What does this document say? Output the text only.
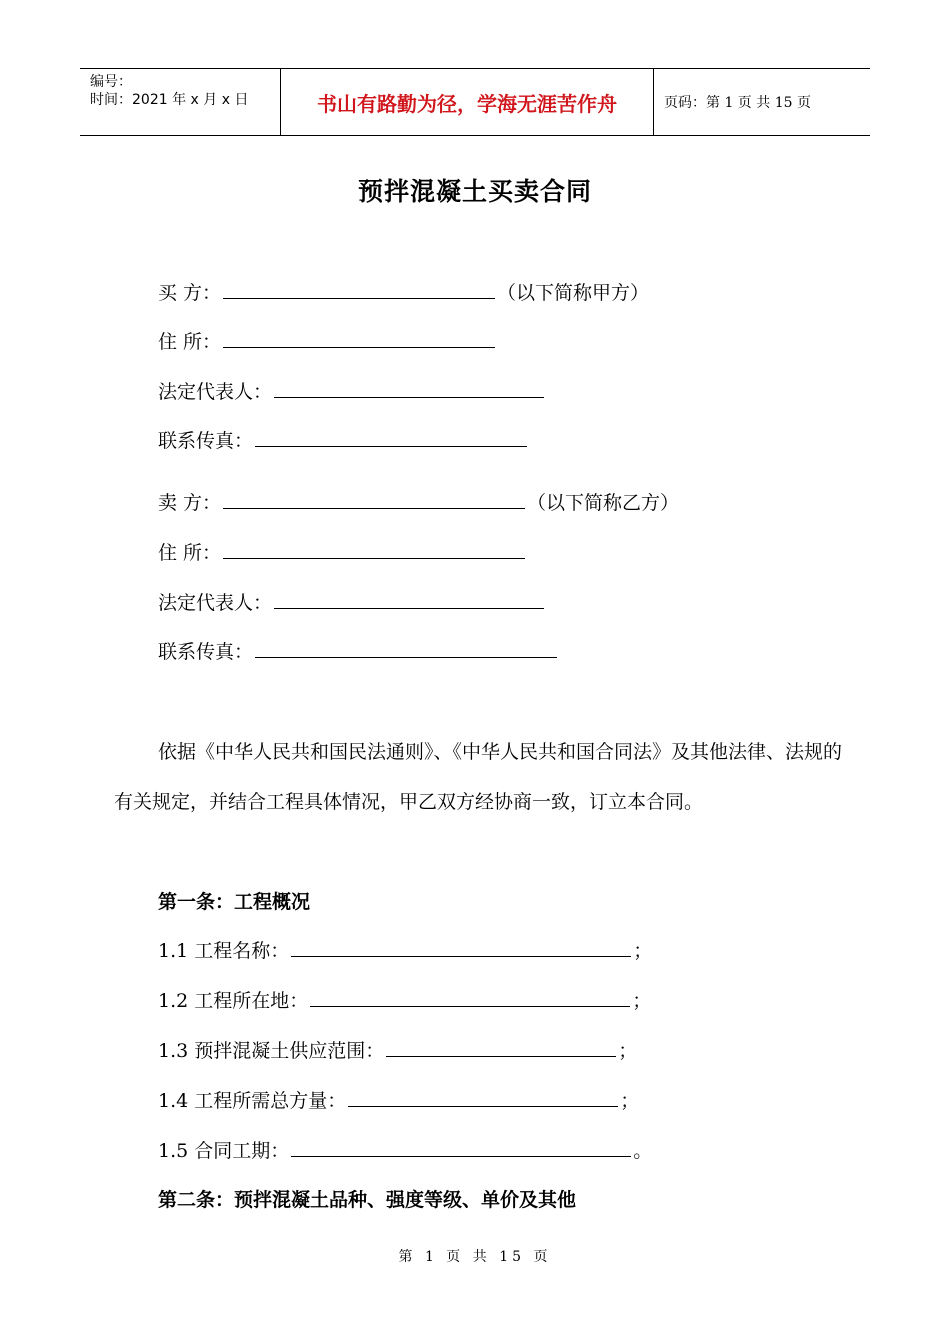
编号：
时间：2021 年 x 月 x 日	书山有路勤为径，学海无涯苦作舟	页码：第 1 页 共 15 页
预拌混凝土买卖合同
买 方：	（以下简称甲方）
住 所：
法定代表人：
联系传真：
卖 方：	（以下简称乙方）
住 所：
法定代表人：
联系传真：
依据《中华人民共和国民法通则》、《中华人民共和国合同法》及其他法律、法规的有关规定，并结合工程具体情况，甲乙双方经协商一致，订立本合同。
第一条：工程概况
1.1 工程名称：	；
1.2 工程所在地：	；
1.3 预拌混凝土供应范围：	；
1.4 工程所需总方量：	；
1.5 合同工期：	。
第二条：预拌混凝土品种、强度等级、单价及其他
第 1 页 共 15 页
